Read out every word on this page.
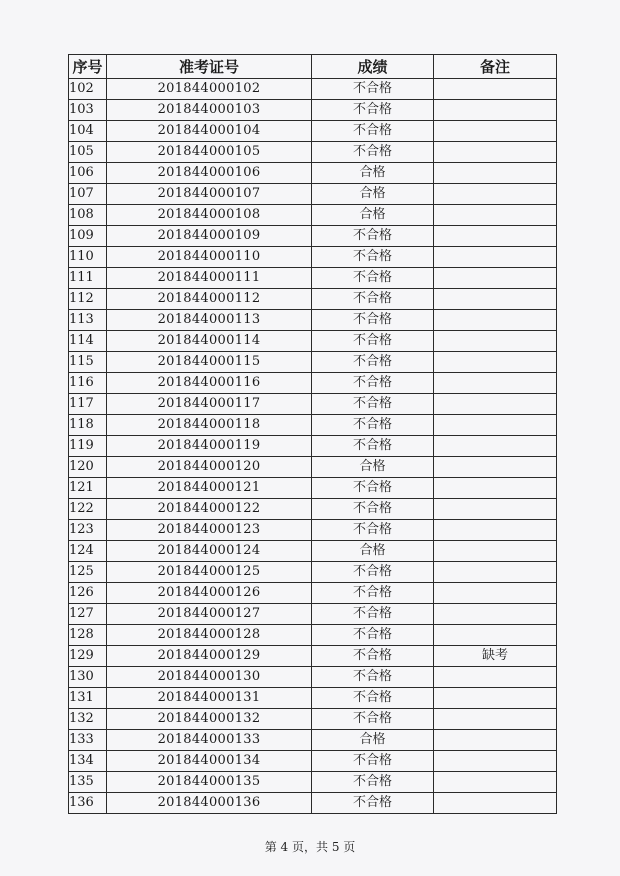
序号	准考证号	成绩	备注
102	201844000102	不合格	
103	201844000103	不合格	
104	201844000104	不合格	
105	201844000105	不合格	
106	201844000106	合格	
107	201844000107	合格	
108	201844000108	合格	
109	201844000109	不合格	
110	201844000110	不合格	
111	201844000111	不合格	
112	201844000112	不合格	
113	201844000113	不合格	
114	201844000114	不合格	
115	201844000115	不合格	
116	201844000116	不合格	
117	201844000117	不合格	
118	201844000118	不合格	
119	201844000119	不合格	
120	201844000120	合格	
121	201844000121	不合格	
122	201844000122	不合格	
123	201844000123	不合格	
124	201844000124	合格	
125	201844000125	不合格	
126	201844000126	不合格	
127	201844000127	不合格	
128	201844000128	不合格	
129	201844000129	不合格	缺考
130	201844000130	不合格	
131	201844000131	不合格	
132	201844000132	不合格	
133	201844000133	合格	
134	201844000134	不合格	
135	201844000135	不合格	
136	201844000136	不合格	
第 4 页，共 5 页
